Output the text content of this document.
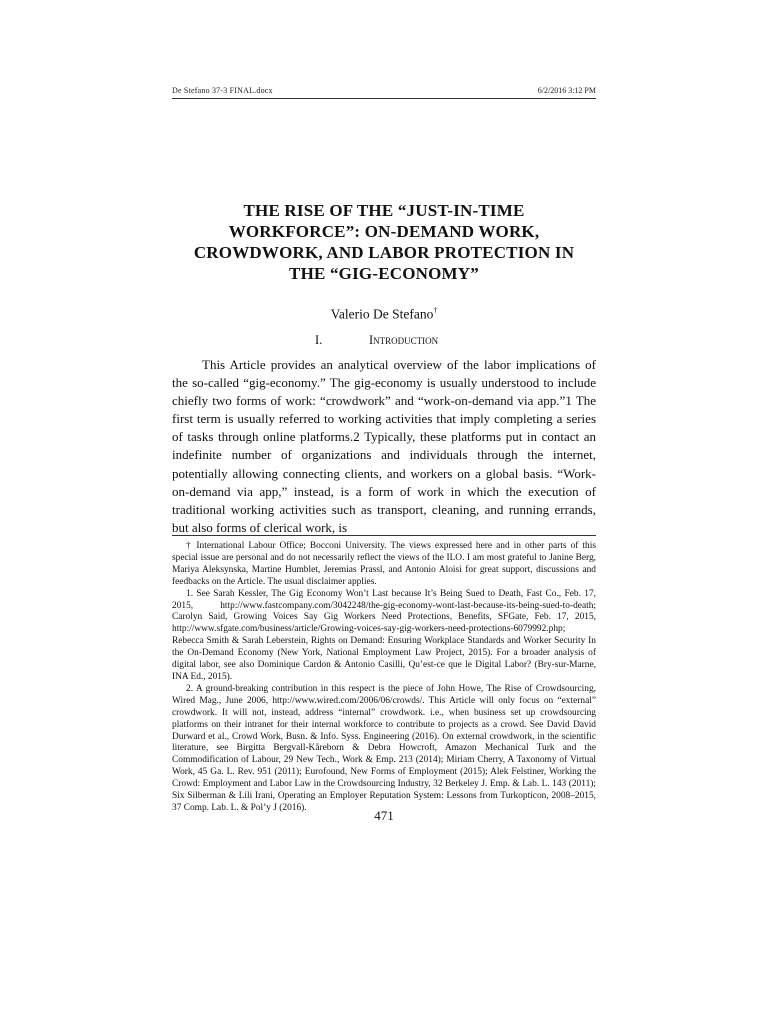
De Stefano 37-3 FINAL.docx	6/2/2016 3:12 PM
THE RISE OF THE “JUST-IN-TIME
WORKFORCE”: ON-DEMAND WORK,
CROWDWORK, AND LABOR PROTECTION IN
THE “GIG-ECONOMY”
Valerio De Stefano†
I.	Introduction

This Article provides an analytical overview of the labor implications of the so-called “gig-economy.” The gig-economy is usually understood to include chiefly two forms of work: “crowdwork” and “work-on-demand via app.”1 The first term is usually referred to working activities that imply completing a series of tasks through online platforms.2 Typically, these platforms put in contact an indefinite number of organizations and individuals through the internet, potentially allowing connecting clients, and workers on a global basis. “Work-on-demand via app,” instead, is a form of work in which the execution of traditional working activities such as transport, cleaning, and running errands, but also forms of clerical work, is

† International Labour Office; Bocconi University. The views expressed here and in other parts of this special issue are personal and do not necessarily reflect the views of the ILO. I am most grateful to Janine Berg, Mariya Aleksynska, Martine Humblet, Jeremias Prassl, and Antonio Aloisi for great support, discussions and feedbacks on the Article. The usual disclaimer applies.

1. See Sarah Kessler, The Gig Economy Won’t Last because It’s Being Sued to Death, Fast Co., Feb. 17, 2015, http://www.fastcompany.com/3042248/the-gig-economy-wont-last-because-its-being-sued-to-death; Carolyn Said, Growing Voices Say Gig Workers Need Protections, Benefits, SFGate, Feb. 17, 2015, http://www.sfgate.com/business/article/Growing-voices-say-gig-workers-need-protections-6079992.php; Rebecca Smith & Sarah Leberstein, Rights on Demand: Ensuring Workplace Standards and Worker Security In the On-Demand Economy (New York, National Employment Law Project, 2015). For a broader analysis of digital labor, see also Dominique Cardon & Antonio Casilli, Qu’est-ce que le Digital Labor? (Bry-sur-Marne, INA Ed., 2015).

2. A ground-breaking contribution in this respect is the piece of John Howe, The Rise of Crowdsourcing, Wired Mag., June 2006, http://www.wired.com/2006/06/crowds/. This Article will only focus on “external” crowdwork. It will not, instead, address “internal” crowdwork. i.e., when business set up crowdsourcing platforms on their intranet for their internal workforce to contribute to projects as a crowd. See David David Durward et al., Crowd Work, Busn. & Info. Syss. Engineering (2016). On external crowdwork, in the scientific literature, see Birgitta Bergvall-Kåreborn & Debra Howcroft, Amazon Mechanical Turk and the Commodification of Labour, 29 New Tech., Work & Emp. 213 (2014); Miriam Cherry, A Taxonomy of Virtual Work, 45 Ga. L. Rev. 951 (2011); Eurofound, New Forms of Employment (2015); Alek Felstiner, Working the Crowd: Employment and Labor Law in the Crowdsourcing Industry, 32 Berkeley J. Emp. & Lab. L. 143 (2011); Six Silberman & Lili Irani, Operating an Employer Reputation System: Lessons from Turkopticon, 2008–2015, 37 Comp. Lab. L. & Pol’y J (2016).

471
